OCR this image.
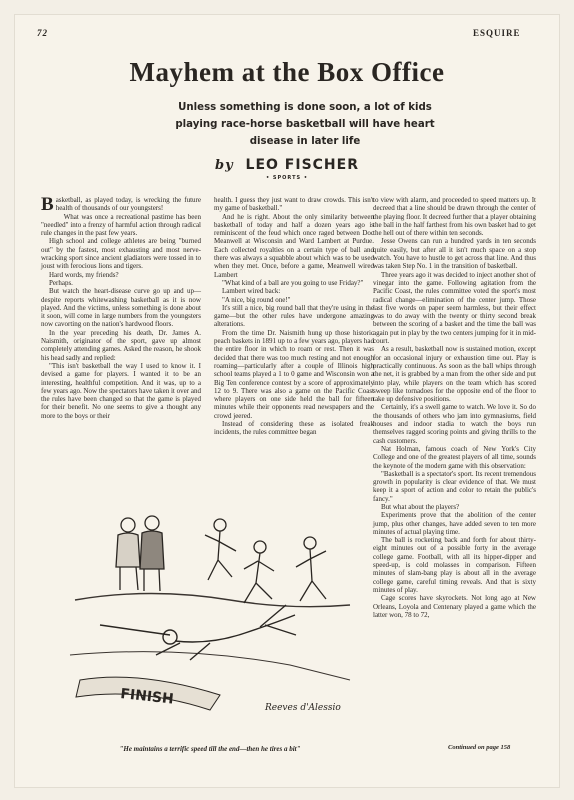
72	ESQUIRE
Mayhem at the Box Office
Unless something is done soon, a lot of kids playing race-horse basketball will have heart disease in later life
by LEO FISCHER
• SPORTS •

Basketball, as played today, is wrecking the future health of thousands of our youngsters!

What was once a recreational pastime has been "needled" into a frenzy of harmful action through radical rule changes in the past few years.

High school and college athletes are being "burned out" by the fastest, most exhausting and most nerve-wracking sport since ancient gladiators were tossed in to joust with ferocious lions and tigers.

Hard words, my friends?

Perhaps.

But watch the heart-disease curve go up and up—despite reports whitewashing basketball as it is now played. And the victims, unless something is done about it soon, will come in large numbers from the youngsters now cavorting on the nation's hardwood floors.

In the year preceding his death, Dr. James A. Naismith, originator of the sport, gave up almost completely attending games. Asked the reason, he shook his head sadly and replied:

"This isn't basketball the way I used to know it. I devised a game for players. I wanted it to be an interesting, healthful competition. And it was, up to a few years ago. Now the spectators have taken it over and the rules have been changed so that the game is played for their benefit. No one seems to give a thought any more to the boys or their

health. I guess they just want to draw crowds. This isn't my game of basketball."

And he is right. About the only similarity between basketball of today and half a dozen years ago is reminiscent of the feud which once raged between Doc Meanwell at Wisconsin and Ward Lambert at Purdue. Each collected royalties on a certain type of ball and there was always a squabble about which was to be used when they met. Once, before a game, Meanwell wired Lambert

"What kind of a ball are you going to use Friday?"

Lambert wired back:

"A nice, big round one!"

It's still a nice, big round ball that they're using in the game—but the other rules have undergone amazing alterations.

From the time Dr. Naismith hung up those historic peach baskets in 1891 up to a few years ago, players had the entire floor in which to roam or rest. Then it was decided that there was too much resting and not enough roaming—particularly after a couple of Illinois high school teams played a 1 to 0 game and Wisconsin won a Big Ten conference contest by a score of approximately 12 to 9. There was also a game on the Pacific Coast where players on one side held the ball for fifteen minutes while their opponents read newspapers and the crowd jeered.

Instead of considering these as isolated freak incidents, the rules committee began

to view with alarm, and proceeded to speed matters up. It decreed that a line should be drawn through the center of the playing floor. It decreed further that a player obtaining the ball in the half farthest from his own basket had to get the hell out of there within ten seconds.

Jesse Owens can run a hundred yards in ten seconds quite easily, but after all it isn't much space on a stop watch. You have to hustle to get across that line. And thus was taken Step No. 1 in the transition of basketball.

Three years ago it was decided to inject another shot of vinegar into the game. Following agitation from the Pacific Coast, the rules committee voted the sport's most radical change—elimination of the center jump. Those last five words on paper seem harmless, but their effect was to do away with the twenty or thirty second break between the scoring of a basket and the time the ball was again put in play by the two centers jumping for it in mid-court.

As a result, basketball now is sustained motion, except for an occasional injury or exhaustion time out. Play is practically continuous. As soon as the ball whips through the net, it is grabbed by a man from the other side and put into play, while players on the team which has scored sweep like tornadoes for the opposite end of the floor to take up defensive positions.

Certainly, it's a swell game to watch. We love it. So do the thousands of others who jam into gymnasiums, field houses and indoor stadia to watch the boys run themselves ragged scoring points and giving thrills to the cash customers.

Nat Holman, famous coach of New York's City College and one of the greatest players of all time, sounds the keynote of the modern game with this observation:

"Basketball is a spectator's sport. Its recent tremendous growth in popularity is clear evidence of that. We must keep it a sport of action and color to retain the public's fancy."

But what about the players?

Experiments prove that the abolition of the center jump, plus other changes, have added seven to ten more minutes of actual playing time.

The ball is rocketing back and forth for about thirty-eight minutes out of a possible forty in the average college game. Football, with all its hipper-dipper and speed-up, is cold molasses in comparison. Fifteen minutes of slam-bang play is about all in the average college game, careful timing reveals. And that is sixty minutes of play.

Cage scores have skyrockets. Not long ago at New Orleans, Loyola and Centenary played a game which the latter won, 78 to 72,

Continued on page 158
FINISH
Reeves d'Alessio
"He maintains a terrific speed till the end—then he tires a bit"
